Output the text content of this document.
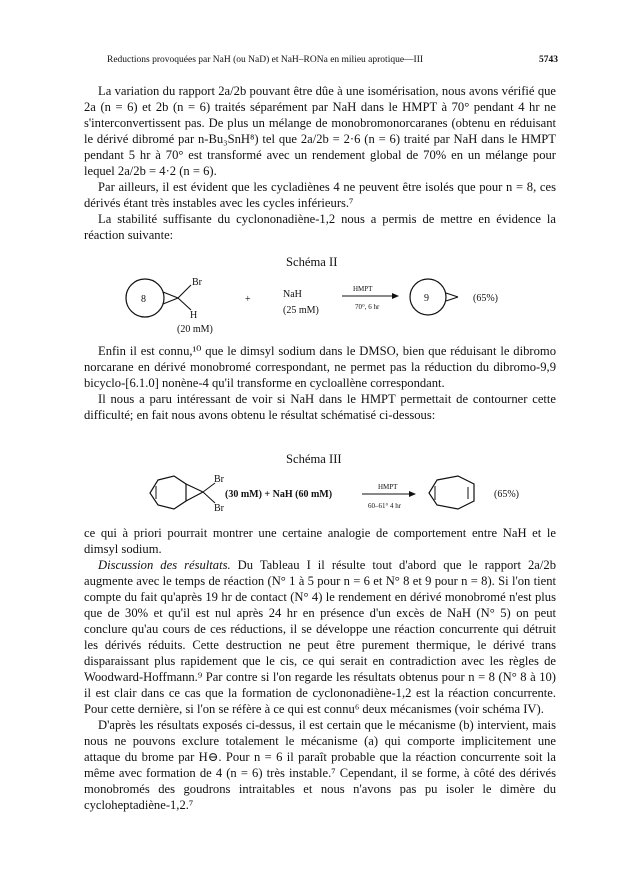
Reductions provoquées par NaH (ou NaD) et NaH–RONa en milieu aprotique—III	5743

La variation du rapport 2a/2b pouvant être dûe à une isomérisation, nous avons vérifié que 2a (n = 6) et 2b (n = 6) traités séparément par NaH dans le HMPT à 70° pendant 4 hr ne s'interconvertissent pas. De plus un mélange de monobromonorcaranes (obtenu en réduisant le dérivé dibromé par n-Bu₃SnH⁸) tel que 2a/2b = 2·6 (n = 6) traité par NaH dans le HMPT pendant 5 hr à 70° est transformé avec un rendement global de 70% en un mélange pour lequel 2a/2b = 4·2 (n = 6).

Par ailleurs, il est évident que les cycladiènes 4 ne peuvent être isolés que pour n = 8, ces dérivés étant très instables avec les cycles inférieurs.⁷

La stabilité suffisante du cyclononadiène-1,2 nous a permis de mettre en évidence la réaction suivante:

Schéma II
8
Br
H
(20 mM)
+	NaH
(25 mM)
HMPT
70°, 6 hr
9	(65%)

Enfin il est connu,¹⁰ que le dimsyl sodium dans le DMSO, bien que réduisant le dibromo norcarane en dérivé monobromé correspondant, ne permet pas la réduction du dibromo-9,9 bicyclo-[6.1.0] nonène-4 qu'il transforme en cycloallène correspondant.

Il nous a paru intéressant de voir si NaH dans le HMPT permettait de contourner cette difficulté; en fait nous avons obtenu le résultat schématisé ci-dessous:

Schéma III
Br
Br
(30 mM) + NaH (60 mM)
HMPT
60–61° 4 hr
(65%)

ce qui à priori pourrait montrer une certaine analogie de comportement entre NaH et le dimsyl sodium.

Discussion des résultats. Du Tableau I il résulte tout d'abord que le rapport 2a/2b augmente avec le temps de réaction (N° 1 à 5 pour n = 6 et N° 8 et 9 pour n = 8). Si l'on tient compte du fait qu'après 19 hr de contact (N° 4) le rendement en dérivé monobromé n'est plus que de 30% et qu'il est nul après 24 hr en présence d'un excès de NaH (N° 5) on peut conclure qu'au cours de ces réductions, il se développe une réaction concurrente qui détruit les dérivés réduits. Cette destruction ne peut être purement thermique, le dérivé trans disparaissant plus rapidement que le cis, ce qui serait en contradiction avec les règles de Woodward-Hoffmann.⁹ Par contre si l'on regarde les résultats obtenus pour n = 8 (N° 8 à 10) il est clair dans ce cas que la formation de cyclononadiène-1,2 est la réaction concurrente. Pour cette dernière, si l'on se réfère à ce qui est connu⁶ deux mécanismes (voir schéma IV).

D'après les résultats exposés ci-dessus, il est certain que le mécanisme (b) intervient, mais nous ne pouvons exclure totalement le mécanisme (a) qui comporte implicitement une attaque du brome par H⊖. Pour n = 6 il paraît probable que la réaction concurrente soit la même avec formation de 4 (n = 6) très instable.⁷ Cependant, il se forme, à côté des dérivés monobromés des goudrons intraitables et nous n'avons pas pu isoler le dimère du cycloheptadiène-1,2.⁷
